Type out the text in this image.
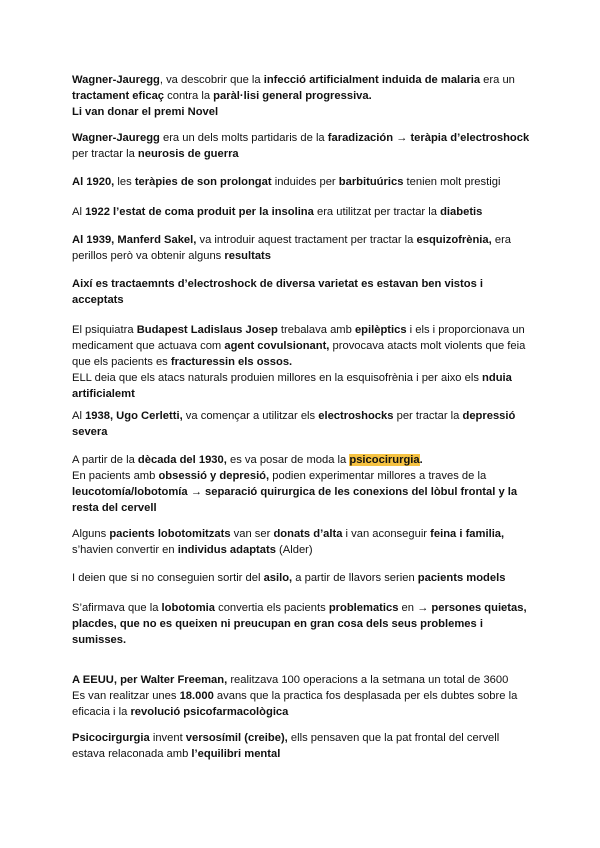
Wagner-Jauregg, va descobrir que la infecció artificialment induida de malaria era un tractament eficaç contra la paràl·lisi general progressiva.
Li van donar el premi Novel

Wagner-Jauregg era un dels molts partidaris de la faradización → teràpia d’electroshock per tractar la neurosis de guerra

Al 1920, les teràpies de son prolongat induides per barbituúrics tenien molt prestigi

Al 1922 l’estat de coma produit per la insolina era utilitzat per tractar la diabetis

Al 1939, Manferd Sakel, va introduir aquest tractament per tractar la esquizofrènia, era perillos però va obtenir alguns resultats

Així es tractaemnts d’electroshock de diversa varietat es estavan ben vistos i acceptats

El psiquiatra Budapest Ladislaus Josep trebalava amb epilèptics i els i proporcionava un medicament que actuava com agent covulsionant, provocava atacts molt violents que feia que els pacients es fracturessin els ossos.
ELL deia que els atacs naturals produien millores en la esquisofrènia i per aixo els nduia artificialemt

Al 1938, Ugo Cerletti, va començar a utilitzar els electroshocks per tractar la depressió severa

A partir de la dècada del 1930, es va posar de moda la psicocirurgia.
En pacients amb obsessió y depresió, podien experimentar millores a traves de la leucotomía/lobotomía → separació quirurgica de les conexions del lòbul frontal y la resta del cervell

Alguns pacients lobotomitzats van ser donats d’alta i van aconseguir feina i familia, s’havien convertir en individus adaptats (Alder)

I deien que si no conseguien sortir del asilo, a partir de llavors serien pacients models

S’afirmava que la lobotomia convertia els pacients problematics en → persones quietas, placdes, que no es queixen ni preucupan en gran cosa dels seus problemes i sumisses.

A EEUU, per Walter Freeman, realitzava 100 operacions a la setmana un total de 3600
Es van realitzar unes 18.000 avans que la practica fos desplasada per els dubtes sobre la eficacia i la revolució psicofarmacològica

Psicocirgurgia invent versosímil (creibe), ells pensaven que la pat frontal del cervell estava relaconada amb l’equilibri mental
